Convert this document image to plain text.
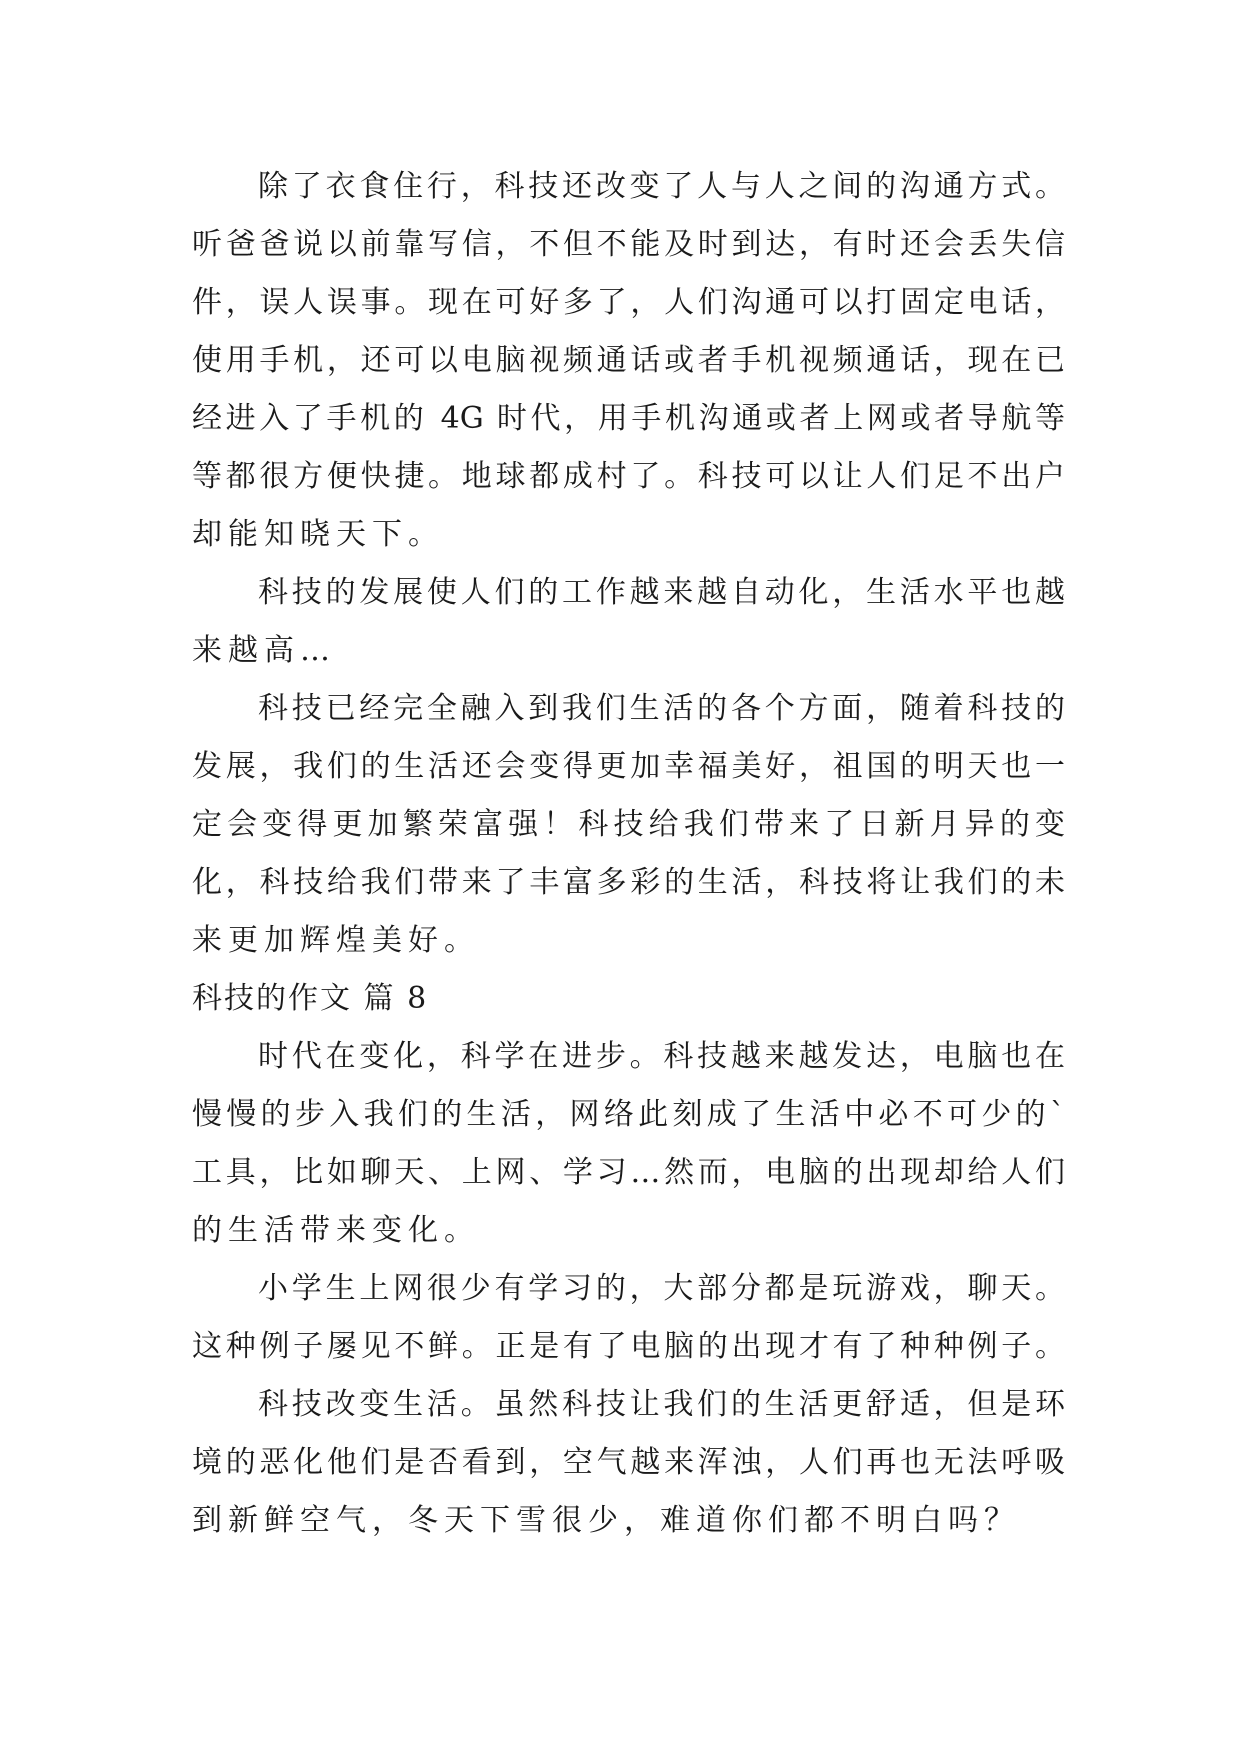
除了衣食住行，科技还改变了人与人之间的沟通方式。
听爸爸说以前靠写信，不但不能及时到达，有时还会丢失信
件，误人误事。现在可好多了，人们沟通可以打固定电话，
使用手机，还可以电脑视频通话或者手机视频通话，现在已
经进入了手机的 4G 时代，用手机沟通或者上网或者导航等
等都很方便快捷。地球都成村了。科技可以让人们足不出户
却能知晓天下。
科技的发展使人们的工作越来越自动化，生活水平也越
来越高…
科技已经完全融入到我们生活的各个方面，随着科技的
发展，我们的生活还会变得更加幸福美好，祖国的明天也一
定会变得更加繁荣富强！科技给我们带来了日新月异的变
化，科技给我们带来了丰富多彩的生活，科技将让我们的未
来更加辉煌美好。
科技的作文 篇 8
时代在变化，科学在进步。科技越来越发达，电脑也在
慢慢的步入我们的生活，网络此刻成了生活中必不可少的`
工具，比如聊天、上网、学习…然而，电脑的出现却给人们
的生活带来变化。
小学生上网很少有学习的，大部分都是玩游戏，聊天。
这种例子屡见不鲜。正是有了电脑的出现才有了种种例子。
科技改变生活。虽然科技让我们的生活更舒适，但是环
境的恶化他们是否看到，空气越来浑浊，人们再也无法呼吸
到新鲜空气，冬天下雪很少，难道你们都不明白吗？
